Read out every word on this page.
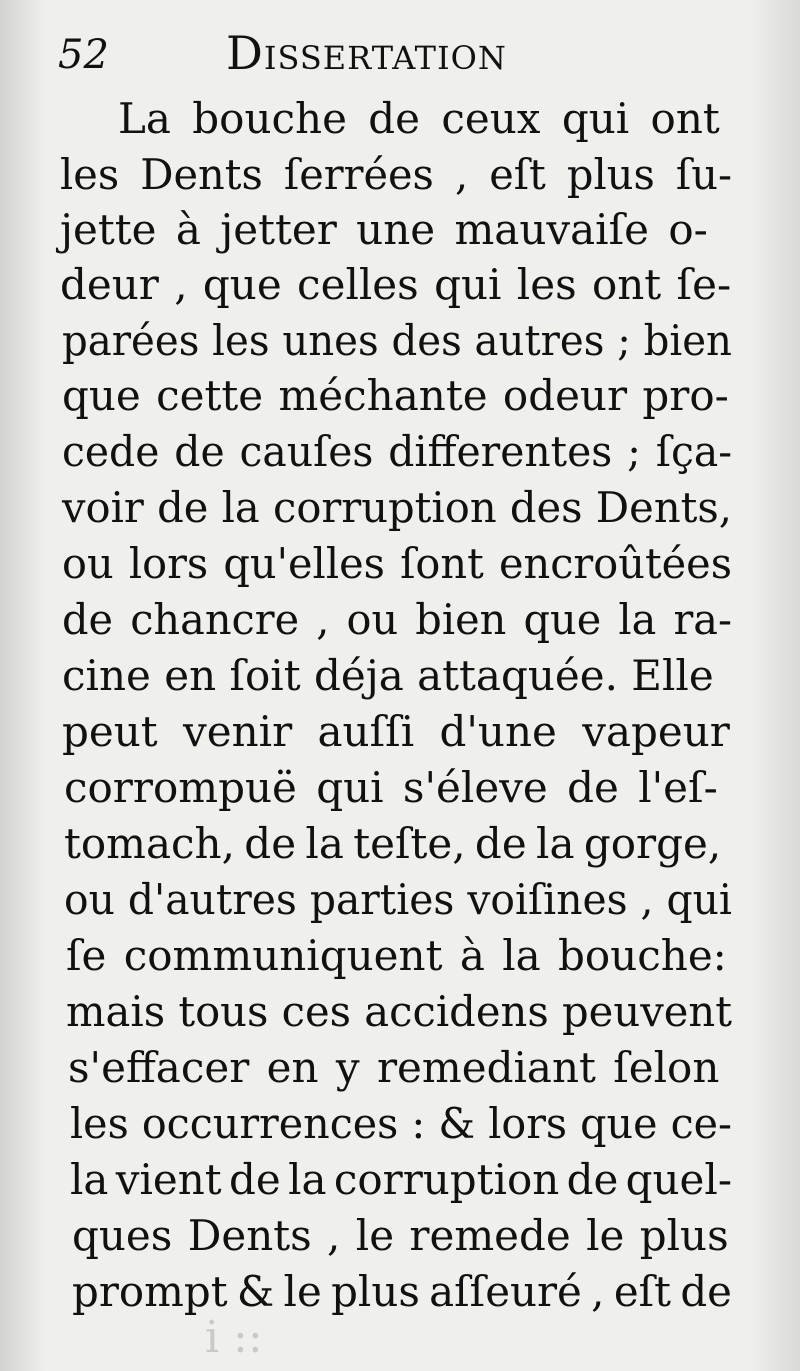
52	Dissertation
La bouche de ceux qui ont
les Dents ſerrées , eſt plus ſu-
jette à jetter une mauvaiſe o-
deur , que celles qui les ont ſe-
parées les unes des autres ; bien
que cette méchante odeur pro-
cede de cauſes differentes ; ſça-
voir de la corruption des Dents,
ou lors qu'elles ſont encroûtées
de chancre , ou bien que la ra-
cine en ſoit déja attaquée. Elle
peut venir auſſi d'une vapeur
corrompuë qui s'éleve de l'eſ-
tomach, de la teſte, de la gorge,
ou d'autres parties voiſines , qui
ſe communiquent à la bouche:
mais tous ces accidens peuvent
s'effacer en y remediant ſelon
les occurrences : & lors que ce-
la vient de la corruption de quel-
ques Dents , le remede le plus
prompt & le plus aſſeuré , eſt de
i ::
